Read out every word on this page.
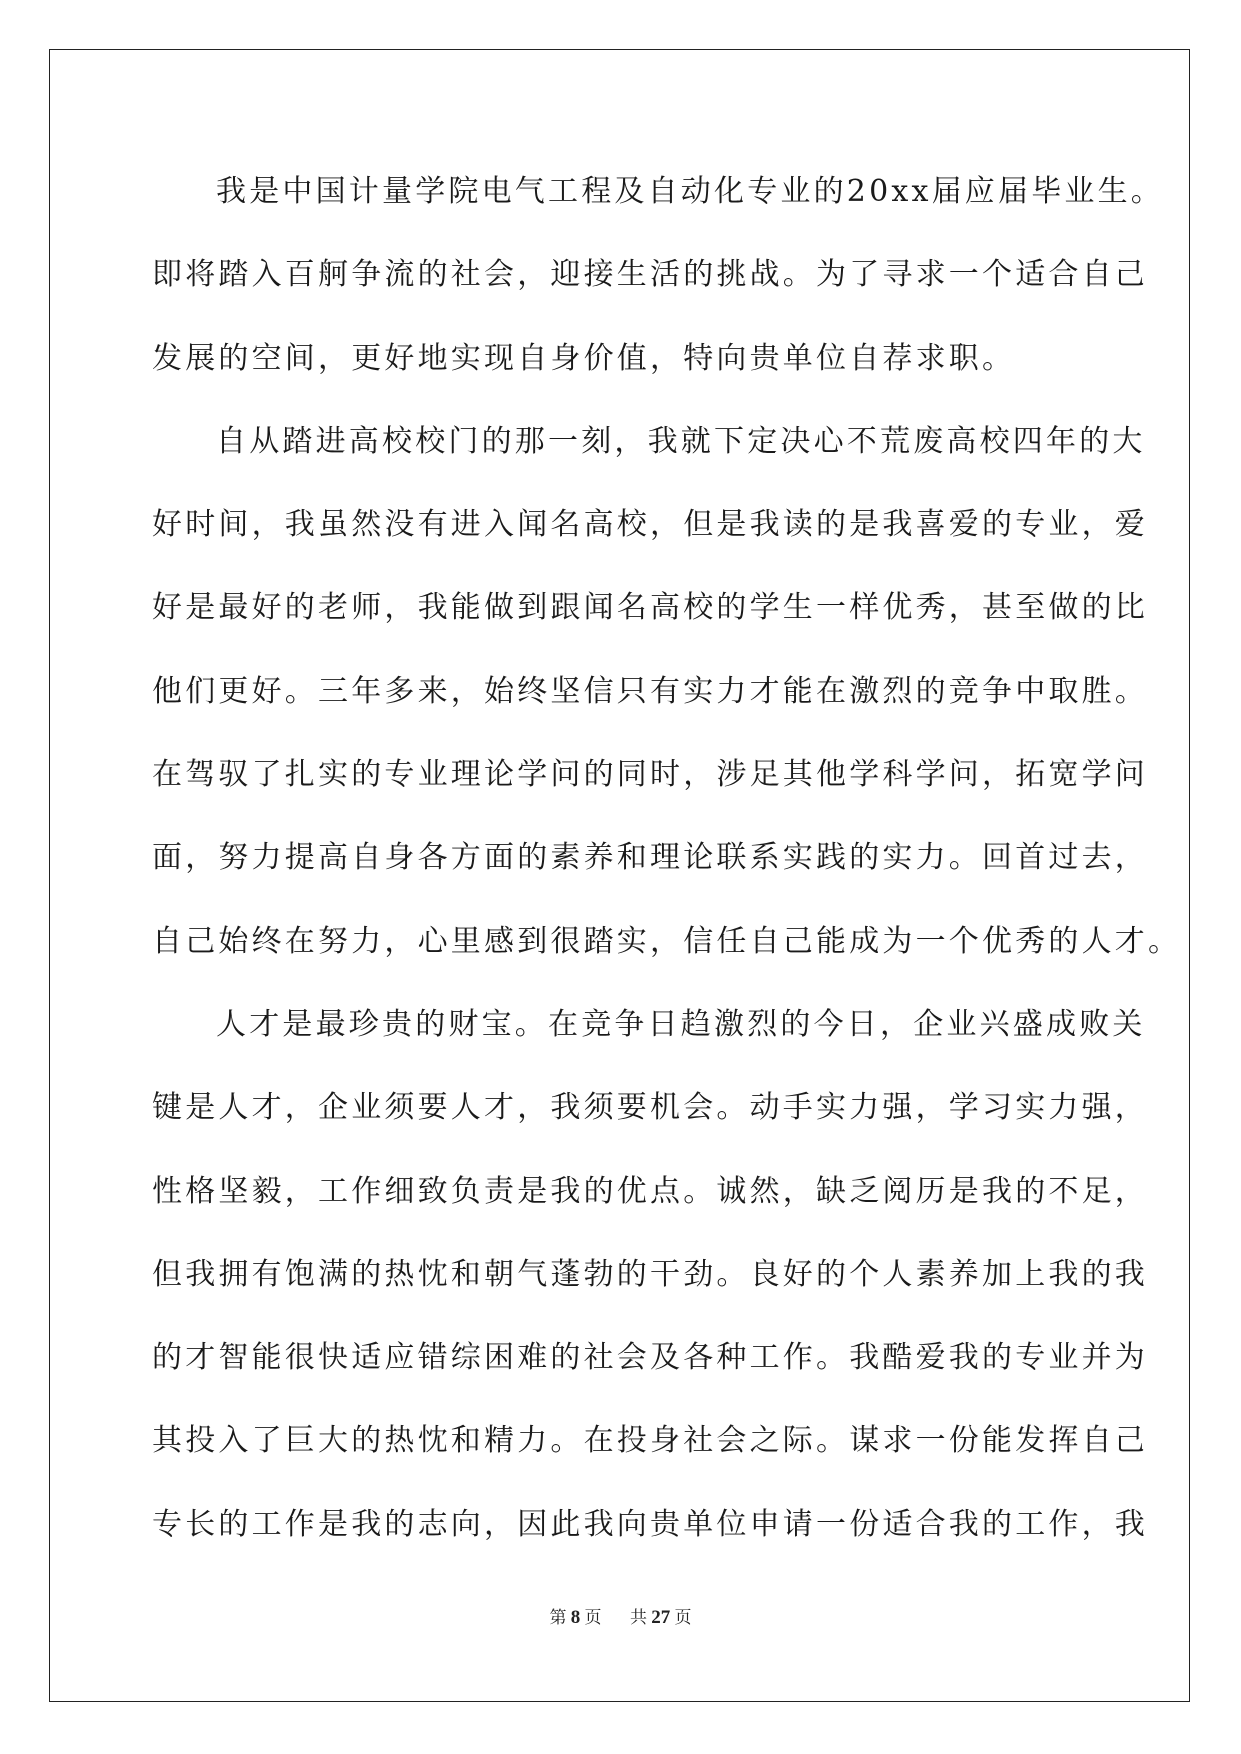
我是中国计量学院电气工程及自动化专业的20xx届应届毕业生。
即将踏入百舸争流的社会，迎接生活的挑战。为了寻求一个适合自己
发展的空间，更好地实现自身价值，特向贵单位自荐求职。
自从踏进高校校门的那一刻，我就下定决心不荒废高校四年的大
好时间，我虽然没有进入闻名高校，但是我读的是我喜爱的专业，爱
好是最好的老师，我能做到跟闻名高校的学生一样优秀，甚至做的比
他们更好。三年多来，始终坚信只有实力才能在激烈的竞争中取胜。
在驾驭了扎实的专业理论学问的同时，涉足其他学科学问，拓宽学问
面，努力提高自身各方面的素养和理论联系实践的实力。回首过去，
自己始终在努力，心里感到很踏实，信任自己能成为一个优秀的人才。
人才是最珍贵的财宝。在竞争日趋激烈的今日，企业兴盛成败关
键是人才，企业须要人才，我须要机会。动手实力强，学习实力强，
性格坚毅，工作细致负责是我的优点。诚然，缺乏阅历是我的不足，
但我拥有饱满的热忱和朝气蓬勃的干劲。良好的个人素养加上我的我
的才智能很快适应错综困难的社会及各种工作。我酷爱我的专业并为
其投入了巨大的热忱和精力。在投身社会之际。谋求一份能发挥自己
专长的工作是我的志向，因此我向贵单位申请一份适合我的工作，我
第 8 页 共 27 页
